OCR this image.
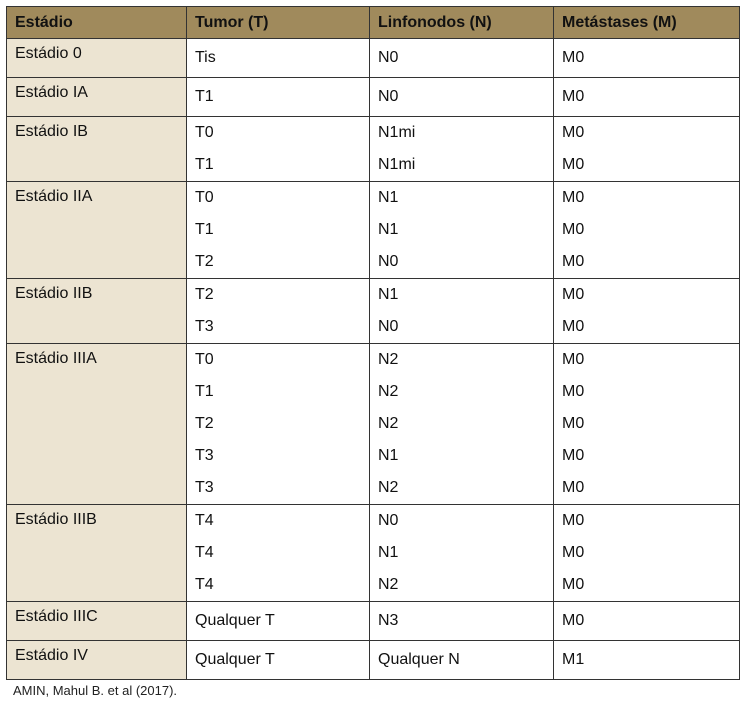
Estádio	Tumor (T)	Linfonodos (N)	Metástases (M)
Estádio 0	Tis	N0	M0
Estádio IA	T1	N0	M0
Estádio IB	T0	N1mi	M0
	T1	N1mi	M0
Estádio IIA	T0	N1	M0
	T1	N1	M0
	T2	N0	M0
Estádio IIB	T2	N1	M0
	T3	N0	M0
Estádio IIIA	T0	N2	M0
	T1	N2	M0
	T2	N2	M0
	T3	N1	M0
	T3	N2	M0
Estádio IIIB	T4	N0	M0
	T4	N1	M0
	T4	N2	M0
Estádio IIIC	Qualquer T	N3	M0
Estádio IV	Qualquer T	Qualquer N	M1
AMIN, Mahul B. et al (2017).
